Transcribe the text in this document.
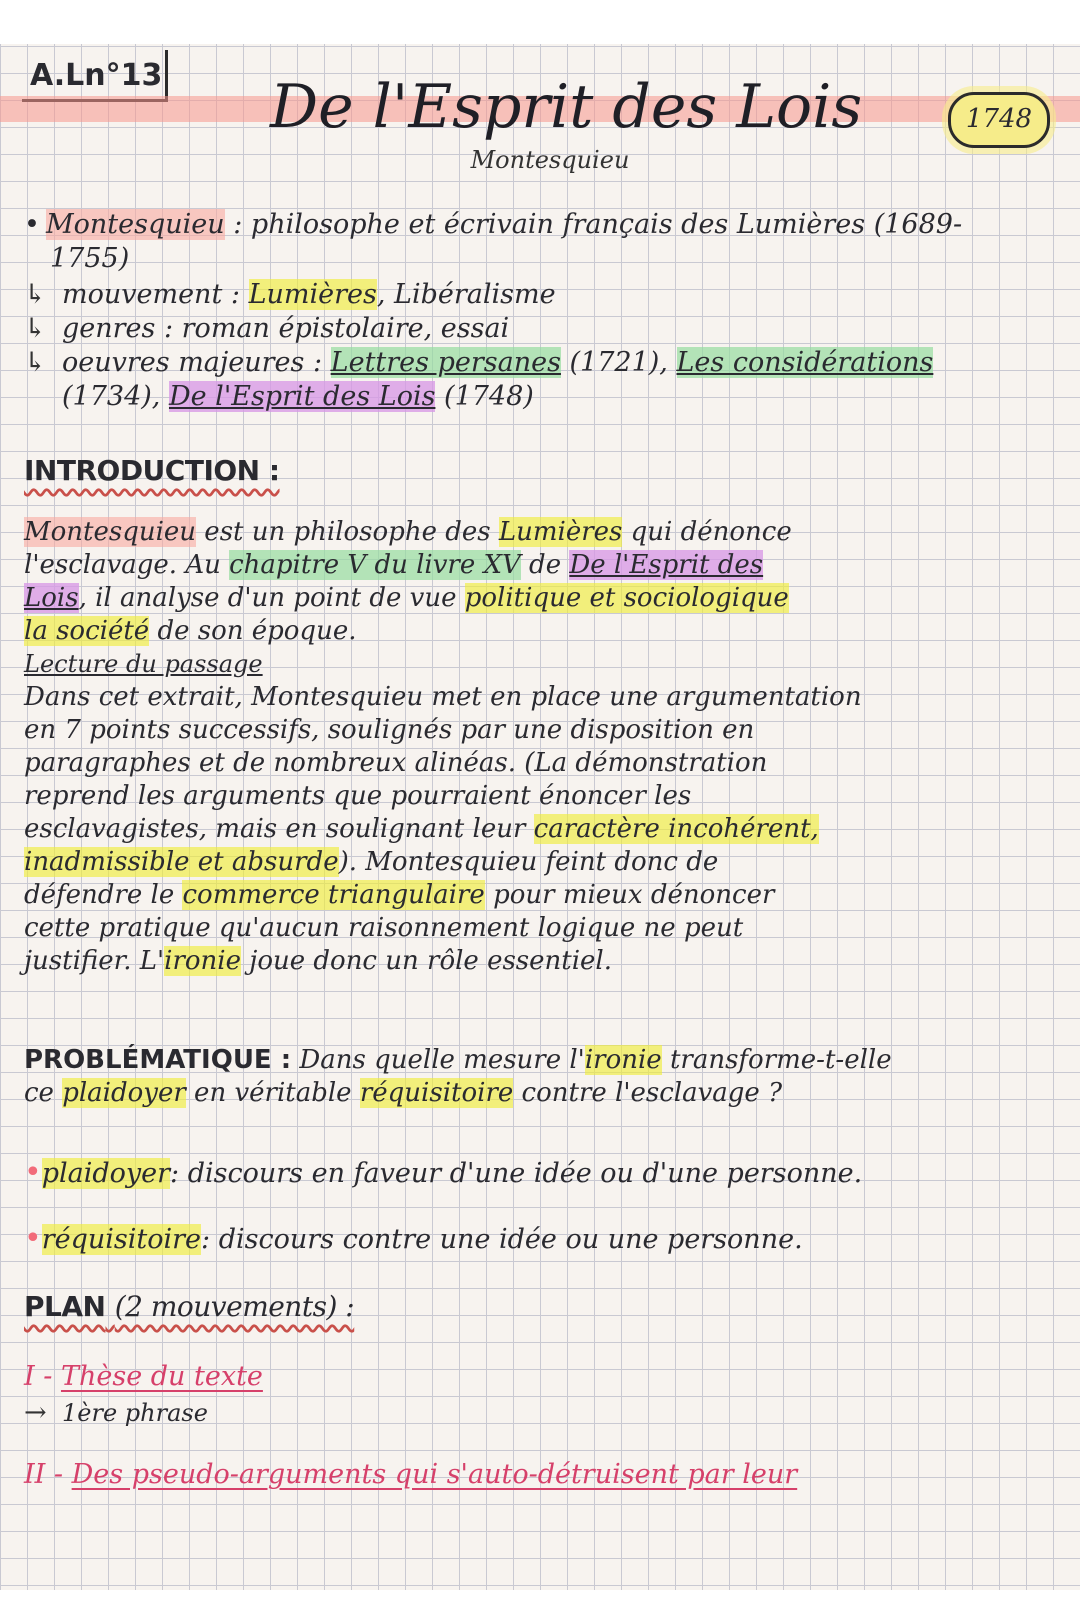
A.Ln°13 De l'Esprit des Lois
Montesquieu
1748
• Montesquieu : philosophe et écrivain français des Lumières (1689-
1755)
↳ mouvement : Lumières, Libéralisme
↳ genres : roman épistolaire, essai
↳ oeuvres majeures : Lettres persanes (1721), Les considérations
(1734), De l'Esprit des Lois (1748)
INTRODUCTION :

Montesquieu est un philosophe des Lumières qui dénonce

l'esclavage. Au chapitre V du livre XV de De l'Esprit des

Lois, il analyse d'un point de vue politique et sociologique

la société de son époque.

Lecture du passage

Dans cet extrait, Montesquieu met en place une argumentation

en 7 points successifs, soulignés par une disposition en

paragraphes et de nombreux alinéas. (La démonstration

reprend les arguments que pourraient énoncer les

esclavagistes, mais en soulignant leur caractère incohérent,

inadmissible et absurde). Montesquieu feint donc de

défendre le commerce triangulaire pour mieux dénoncer

cette pratique qu'aucun raisonnement logique ne peut

justifier. L'ironie joue donc un rôle essentiel.

PROBLÉMATIQUE : Dans quelle mesure l'ironie transforme-t-elle

ce plaidoyer en véritable réquisitoire contre l'esclavage ?

•plaidoyer: discours en faveur d'une idée ou d'une personne.
•réquisitoire: discours contre une idée ou une personne.
PLAN (2 mouvements) :
I - Thèse du texte
→ 1ère phrase
II - Des pseudo-arguments qui s'auto-détruisent par leur
